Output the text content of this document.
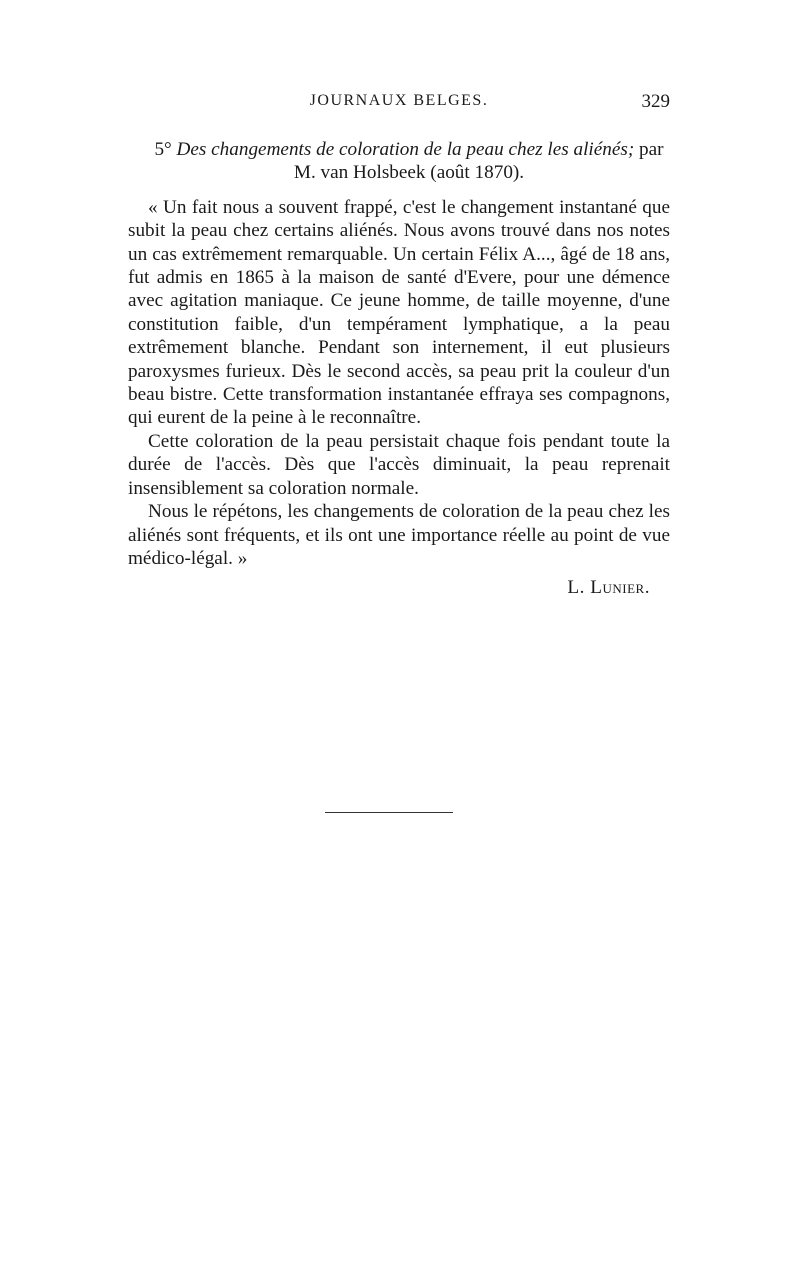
JOURNAUX BELGES.	329

5° Des changements de coloration de la peau chez les aliénés; par
M. van Holsbeek (août 1870).

« Un fait nous a souvent frappé, c'est le changement instantané que subit la peau chez certains aliénés. Nous avons trouvé dans nos notes un cas extrêmement remarquable. Un certain Félix A..., âgé de 18 ans, fut admis en 1865 à la maison de santé d'Evere, pour une démence avec agitation maniaque. Ce jeune homme, de taille moyenne, d'une constitution faible, d'un tempérament lymphatique, a la peau extrêmement blanche. Pendant son internement, il eut plusieurs paroxysmes furieux. Dès le second accès, sa peau prit la couleur d'un beau bistre. Cette transformation instantanée effraya ses compagnons, qui eurent de la peine à le reconnaître.

Cette coloration de la peau persistait chaque fois pendant toute la durée de l'accès. Dès que l'accès diminuait, la peau reprenait insensiblement sa coloration normale.

Nous le répétons, les changements de coloration de la peau chez les aliénés sont fréquents, et ils ont une importance réelle au point de vue médico-légal. »

L. Lunier.
